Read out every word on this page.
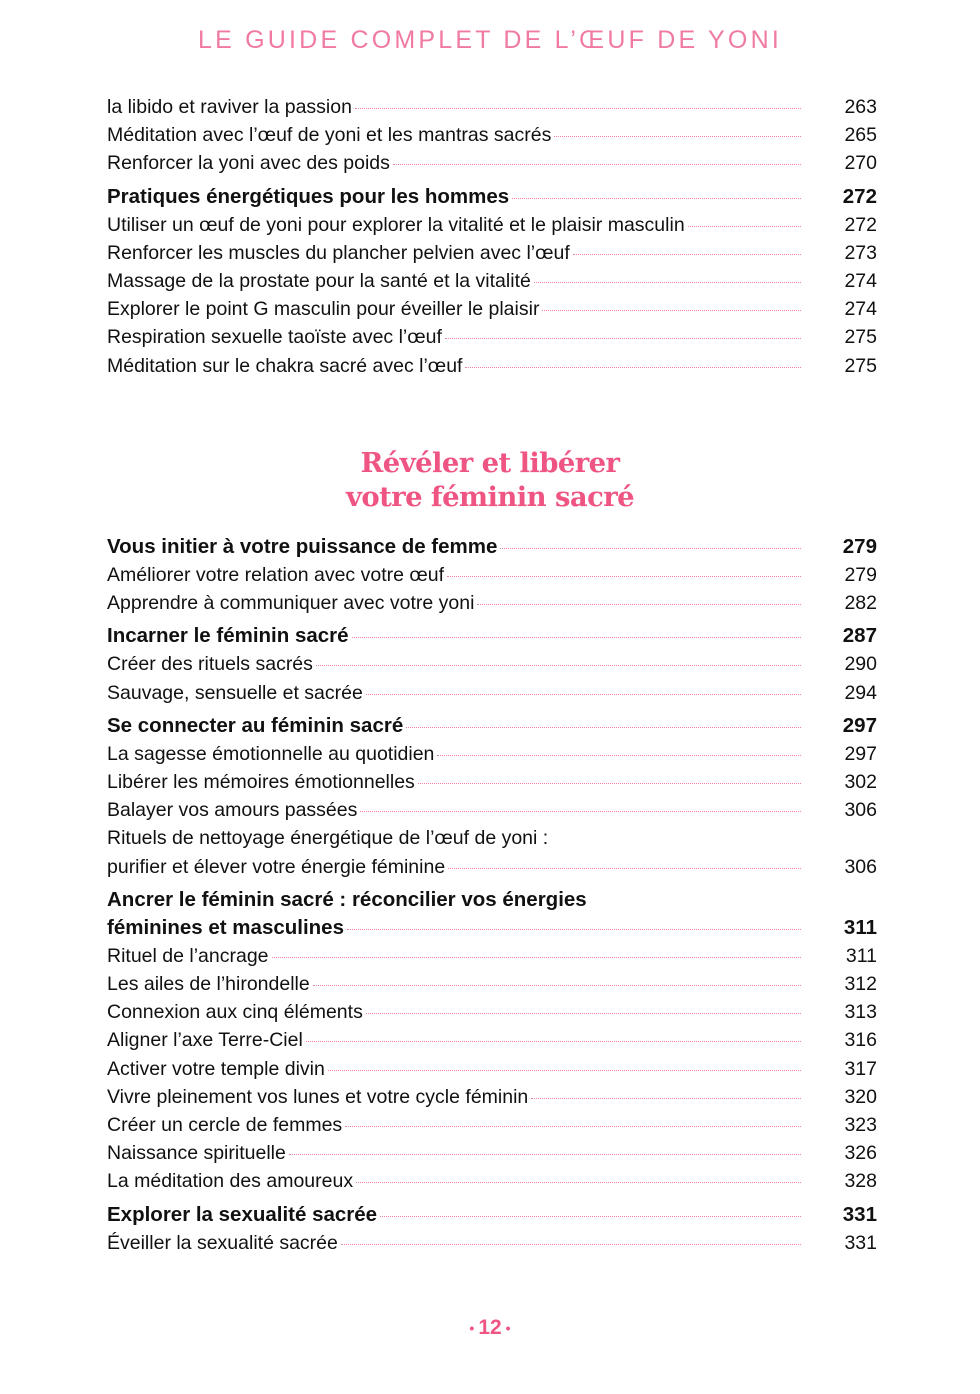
LE GUIDE COMPLET DE L’ŒUF DE YONI
la libido et raviver la passion	263
Méditation avec l’œuf de yoni et les mantras sacrés	265
Renforcer la yoni avec des poids	270
Pratiques énergétiques pour les hommes	272
Utiliser un œuf de yoni pour explorer la vitalité et le plaisir masculin	272
Renforcer les muscles du plancher pelvien avec l’œuf	273
Massage de la prostate pour la santé et la vitalité	274
Explorer le point G masculin pour éveiller le plaisir	274
Respiration sexuelle taoïste avec l’œuf	275
Méditation sur le chakra sacré avec l’œuf	275
Révéler et libérer
votre féminin sacré
Vous initier à votre puissance de femme	279
Améliorer votre relation avec votre œuf	279
Apprendre à communiquer avec votre yoni	282
Incarner le féminin sacré	287
Créer des rituels sacrés	290
Sauvage, sensuelle et sacrée	294
Se connecter au féminin sacré	297
La sagesse émotionnelle au quotidien	297
Libérer les mémoires émotionnelles	302
Balayer vos amours passées	306
Rituels de nettoyage énergétique de l’œuf de yoni :
purifier et élever votre énergie féminine	306
Ancrer le féminin sacré : réconcilier vos énergies
féminines et masculines	311
Rituel de l’ancrage	311
Les ailes de l’hirondelle	312
Connexion aux cinq éléments	313
Aligner l’axe Terre-Ciel	316
Activer votre temple divin	317
Vivre pleinement vos lunes et votre cycle féminin	320
Créer un cercle de femmes	323
Naissance spirituelle	326
La méditation des amoureux	328
Explorer la sexualité sacrée	331
Éveiller la sexualité sacrée	331
• 12 •
